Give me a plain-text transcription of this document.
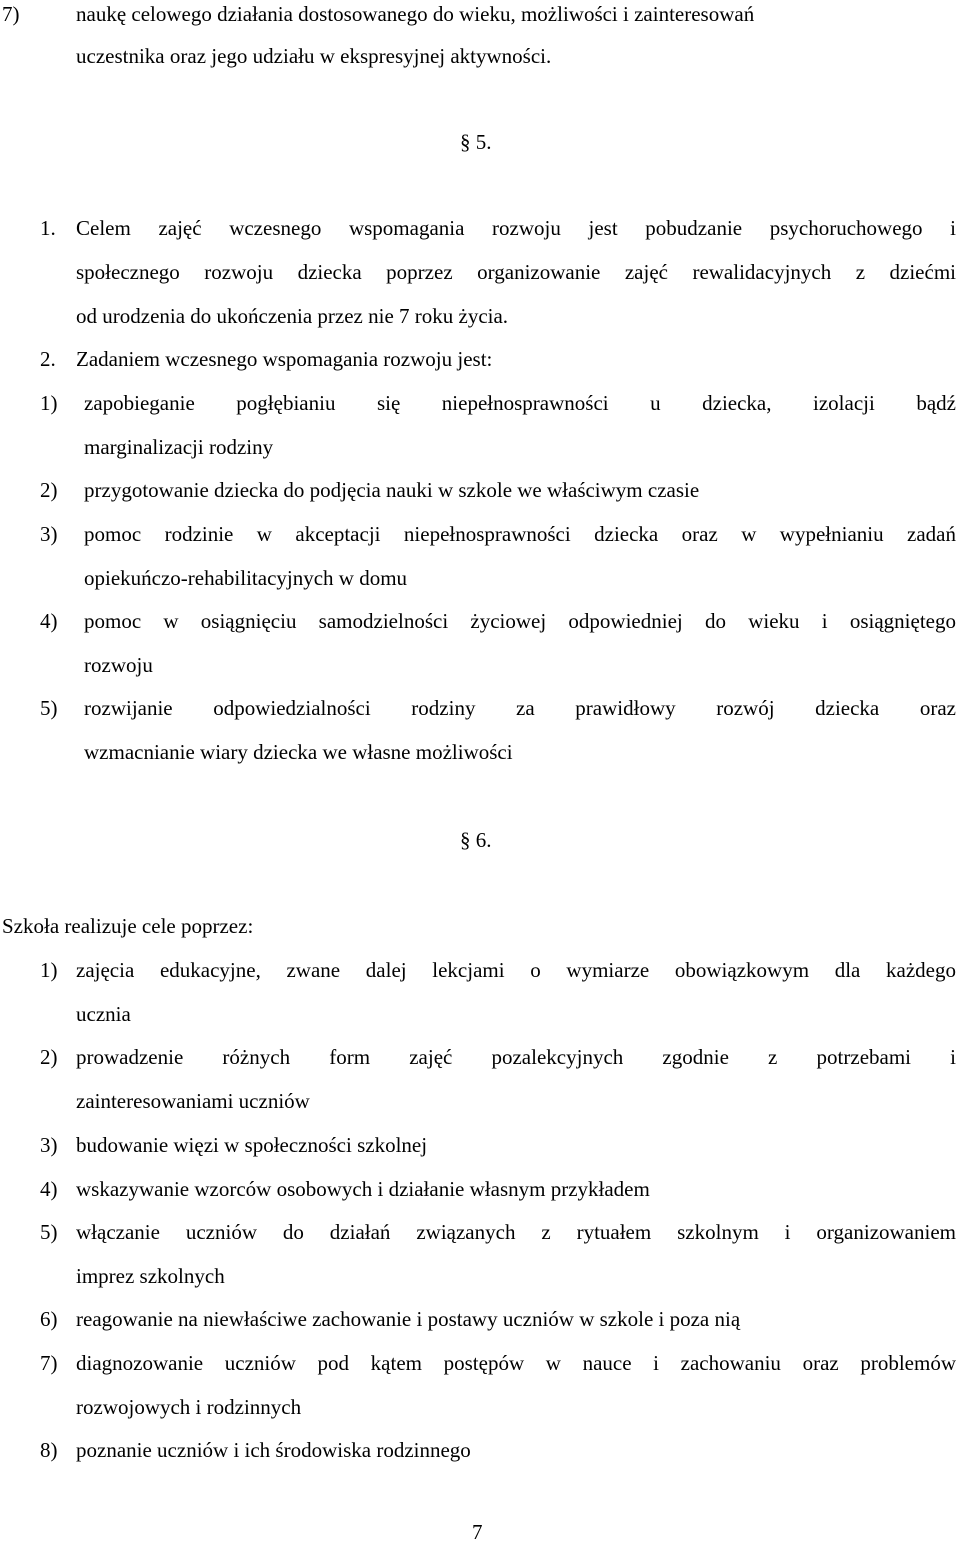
7)	naukę celowego działania dostosowanego do wieku, możliwości i zainteresowań
uczestnika oraz jego udziału w ekspresyjnej aktywności.
§ 5.
1. Celem zajęć wczesnego wspomagania rozwoju jest pobudzanie psychoruchowego i
społecznego rozwoju dziecka poprzez organizowanie zajęć rewalidacyjnych z dziećmi
od urodzenia do ukończenia przez nie 7 roku życia.
2. Zadaniem wczesnego wspomagania rozwoju jest:
1) zapobieganie pogłębianiu się niepełnosprawności u dziecka, izolacji bądź
marginalizacji rodziny
2) przygotowanie dziecka do podjęcia nauki w szkole we właściwym czasie
3) pomoc rodzinie w akceptacji niepełnosprawności dziecka oraz w wypełnianiu zadań
opiekuńczo-rehabilitacyjnych w domu
4) pomoc w osiągnięciu samodzielności życiowej odpowiedniej do wieku i osiągniętego
rozwoju
5) rozwijanie odpowiedzialności rodziny za prawidłowy rozwój dziecka oraz
wzmacnianie wiary dziecka we własne możliwości
§ 6.
Szkoła realizuje cele poprzez:
1) zajęcia edukacyjne, zwane dalej lekcjami o wymiarze obowiązkowym dla każdego
ucznia
2) prowadzenie różnych form zajęć pozalekcyjnych zgodnie z potrzebami i
zainteresowaniami uczniów
3) budowanie więzi w społeczności szkolnej
4) wskazywanie wzorców osobowych i działanie własnym przykładem
5) włączanie uczniów do działań związanych z rytuałem szkolnym i organizowaniem
imprez szkolnych
6) reagowanie na niewłaściwe zachowanie i postawy uczniów w szkole i poza nią
7) diagnozowanie uczniów pod kątem postępów w nauce i zachowaniu oraz problemów
rozwojowych i rodzinnych
8) poznanie uczniów i ich środowiska rodzinnego
7
